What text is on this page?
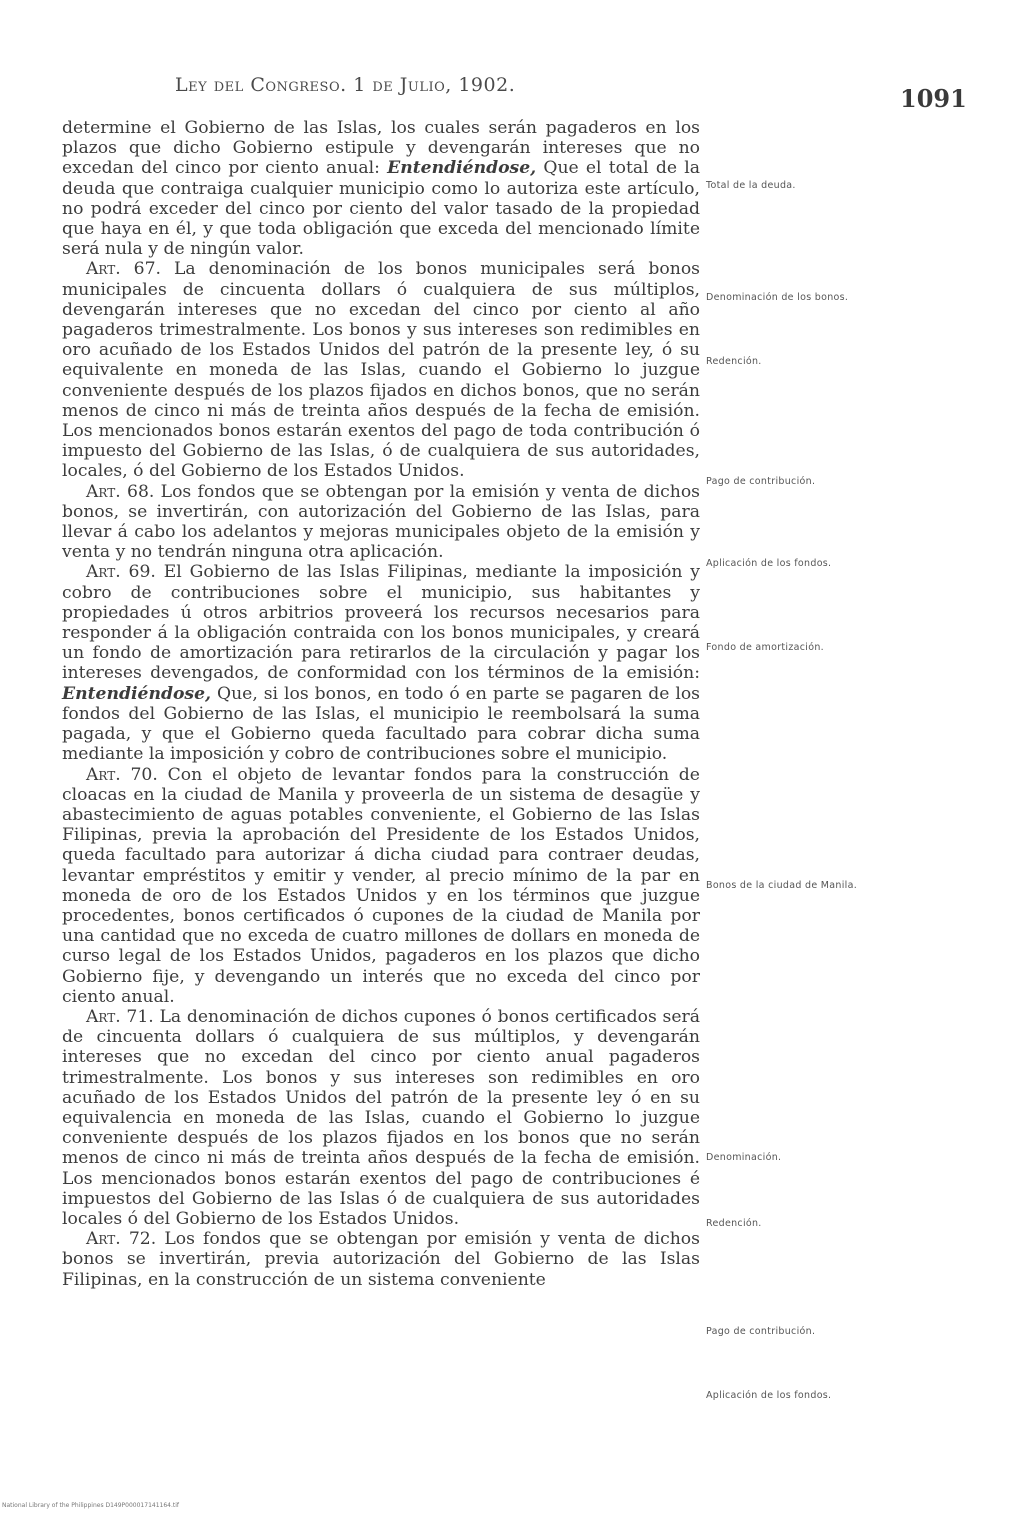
Ley del Congreso. 1 de Julio, 1902.	1091

determine el Gobierno de las Islas, los cuales serán pagaderos en los plazos que dicho Gobierno estipule y devengarán intereses que no excedan del cinco por ciento anual: Entendiéndose, Que el total de la deuda que contraiga cualquier municipio como lo autoriza este artículo, no podrá exceder del cinco por ciento del valor tasado de la propiedad que haya en él, y que toda obligación que exceda del mencionado límite será nula y de ningún valor.

Art. 67. La denominación de los bonos municipales será bonos municipales de cincuenta dollars ó cualquiera de sus múltiplos, devengarán intereses que no excedan del cinco por ciento al año pagaderos trimestralmente. Los bonos y sus intereses son redimibles en oro acuñado de los Estados Unidos del patrón de la presente ley, ó su equivalente en moneda de las Islas, cuando el Gobierno lo juzgue conveniente después de los plazos fijados en dichos bonos, que no serán menos de cinco ni más de treinta años después de la fecha de emisión. Los mencionados bonos estarán exentos del pago de toda contribución ó impuesto del Gobierno de las Islas, ó de cualquiera de sus autoridades, locales, ó del Gobierno de los Estados Unidos.

Art. 68. Los fondos que se obtengan por la emisión y venta de dichos bonos, se invertirán, con autorización del Gobierno de las Islas, para llevar á cabo los adelantos y mejoras municipales objeto de la emisión y venta y no tendrán ninguna otra aplicación.

Art. 69. El Gobierno de las Islas Filipinas, mediante la imposición y cobro de contribuciones sobre el municipio, sus habitantes y propiedades ú otros arbitrios proveerá los recursos necesarios para responder á la obligación contraida con los bonos municipales, y creará un fondo de amortización para retirarlos de la circulación y pagar los intereses devengados, de conformidad con los términos de la emisión: Entendiéndose, Que, si los bonos, en todo ó en parte se pagaren de los fondos del Gobierno de las Islas, el municipio le reembolsará la suma pagada, y que el Gobierno queda facultado para cobrar dicha suma mediante la imposición y cobro de contribuciones sobre el municipio.

Art. 70. Con el objeto de levantar fondos para la construcción de cloacas en la ciudad de Manila y proveerla de un sistema de desagüe y abastecimiento de aguas potables conveniente, el Gobierno de las Islas Filipinas, previa la aprobación del Presidente de los Estados Unidos, queda facultado para autorizar á dicha ciudad para contraer deudas, levantar empréstitos y emitir y vender, al precio mínimo de la par en moneda de oro de los Estados Unidos y en los términos que juzgue procedentes, bonos certificados ó cupones de la ciudad de Manila por una cantidad que no exceda de cuatro millones de dollars en moneda de curso legal de los Estados Unidos, pagaderos en los plazos que dicho Gobierno fije, y devengando un interés que no exceda del cinco por ciento anual.

Art. 71. La denominación de dichos cupones ó bonos certificados será de cincuenta dollars ó cualquiera de sus múltiplos, y devengarán intereses que no excedan del cinco por ciento anual pagaderos trimestralmente. Los bonos y sus intereses son redimibles en oro acuñado de los Estados Unidos del patrón de la presente ley ó en su equivalencia en moneda de las Islas, cuando el Gobierno lo juzgue conveniente después de los plazos fijados en los bonos que no serán menos de cinco ni más de treinta años después de la fecha de emisión. Los mencionados bonos estarán exentos del pago de contribuciones é impuestos del Gobierno de las Islas ó de cualquiera de sus autoridades locales ó del Gobierno de los Estados Unidos.

Art. 72. Los fondos que se obtengan por emisión y venta de dichos bonos se invertirán, previa autorización del Gobierno de las Islas Filipinas, en la construcción de un sistema conveniente

Total de la deuda.
Denominación de los bonos.
Redención.
Pago de contribución.
Aplicación de los fondos.
Fondo de amortización.
Bonos de la ciudad de Manila.
Denominación.
Redención.
Pago de contribución.
Aplicación de los fondos.
National Library of the Philippines D149P000017141164.tif
